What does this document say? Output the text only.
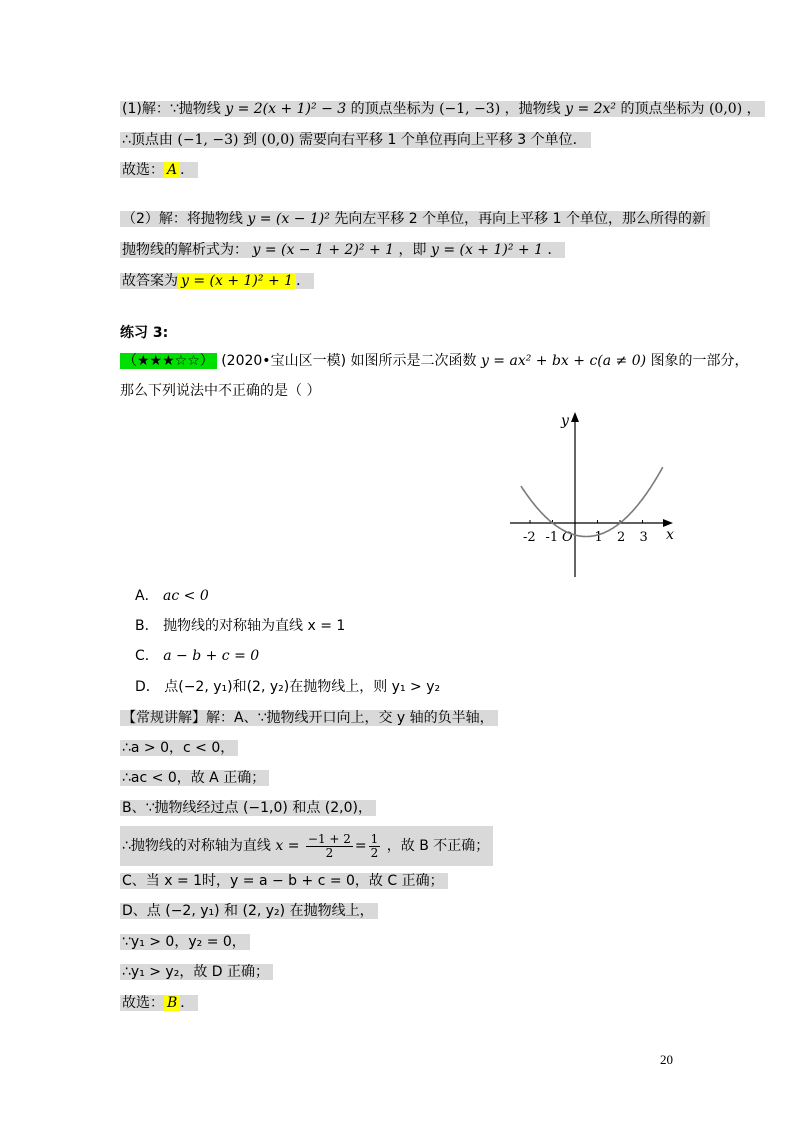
(1)解：∵抛物线 y = 2(x + 1)² − 3 的顶点坐标为 (−1, −3) ，抛物线 y = 2x² 的顶点坐标为 (0,0) ，
∴顶点由 (−1, −3) 到 (0,0) 需要向右平移 1 个单位再向上平移 3 个单位．
故选： A ．
（2）解：将抛物线 y = (x − 1)² 先向左平移 2 个单位，再向上平移 1 个单位，那么所得的新
抛物线的解析式为： y = (x − 1 + 2)² + 1 ，即 y = (x + 1)² + 1 ．
故答案为 y = (x + 1)² + 1 ．
练习 3:
（★★★☆☆） (2020•宝山区一模) 如图所示是二次函数 y = ax² + bx + c(a ≠ 0) 图象的一部分，
那么下列说法中不正确的是（ ）
y
x
O
-2 -1	1 2 3
A． ac < 0
B． 抛物线的对称轴为直线 x = 1
C． a − b + c = 0
D． 点(−2, y₁)和(2, y₂)在抛物线上，则 y₁ > y₂
【常规讲解】解：A、∵抛物线开口向上，交 y 轴的负半轴，
∴a > 0，c < 0，
∴ac < 0，故 A 正确；
B、∵抛物线经过点 (−1,0) 和点 (2,0)，
∴抛物线的对称轴为直线 $x = \frac{-1 + 2}{2} = \frac{1}{2}$ ，故 B 不正确；
C、当 x = 1时，y = a − b + c = 0，故 C 正确；
D、点 (−2, y₁) 和 (2, y₂) 在抛物线上，
∵y₁ > 0，y₂ = 0，
∴y₁ > y₂，故 D 正确；
故选： B ．
20
